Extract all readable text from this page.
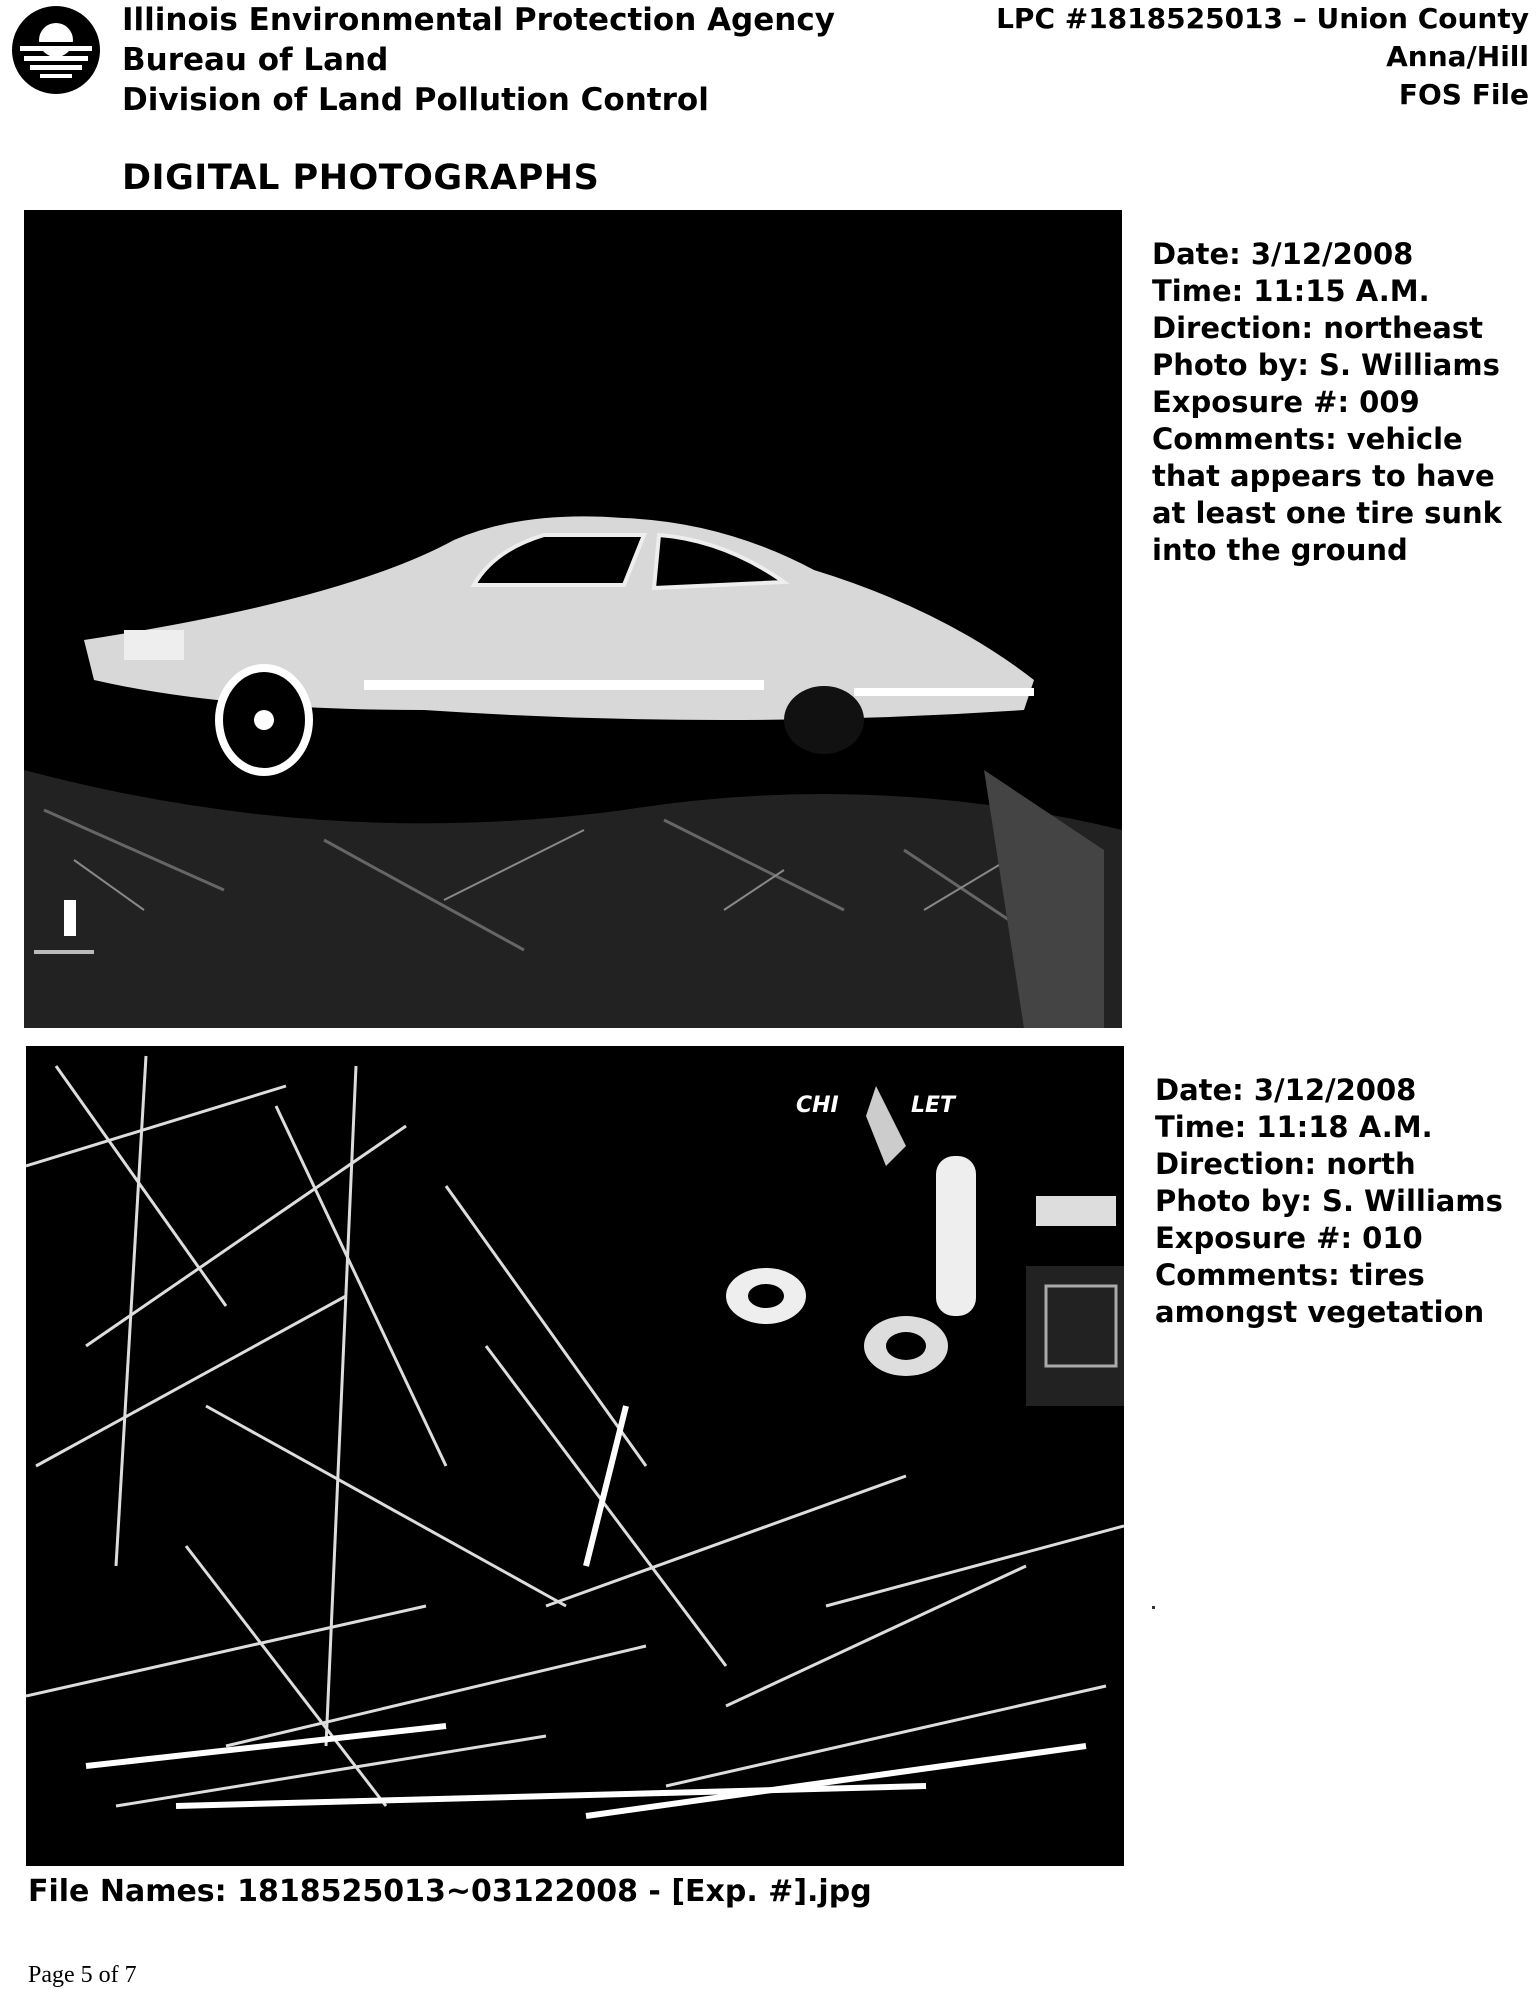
Illinois Environmental Protection Agency
Bureau of Land
Division of Land Pollution Control
LPC #1818525013 – Union County
Anna/Hill
FOS File
DIGITAL PHOTOGRAPHS
Date: 3/12/2008
Time: 11:15 A.M.
Direction: northeast
Photo by: S. Williams
Exposure #: 009
Comments: vehicle
that appears to have
at least one tire sunk
into the ground
CHI	LET	Date: 3/12/2008
Time: 11:18 A.M.
Direction: north
Photo by: S. Williams
Exposure #: 010
Comments: tires
amongst vegetation
File Names: 1818525013~03122008 - [Exp. #].jpg
Page 5 of 7
